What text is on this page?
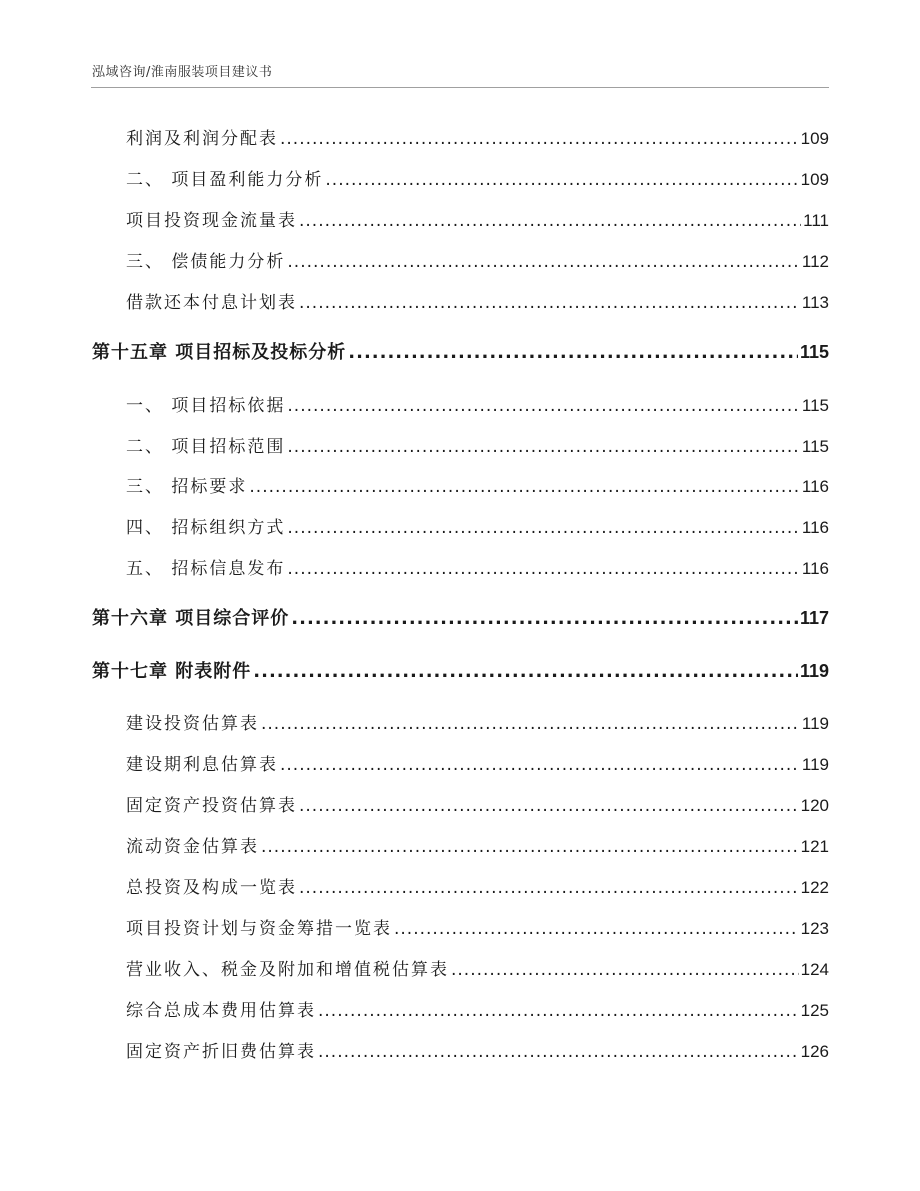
泓域咨询/淮南服装项目建议书
利润及利润分配表 .....	109
二、 项目盈利能力分析 .....	109
项目投资现金流量表 .....	111
三、 偿债能力分析 .....	112
借款还本付息计划表 .....	113
第十五章 项目招标及投标分析 .....	115
一、 项目招标依据 .....	115
二、 项目招标范围 .....	115
三、 招标要求 .....	116
四、 招标组织方式 .....	116
五、 招标信息发布 .....	116
第十六章 项目综合评价 .....	117
第十七章 附表附件 .....	119
建设投资估算表 .....	119
建设期利息估算表 .....	119
固定资产投资估算表 .....	120
流动资金估算表 .....	121
总投资及构成一览表 .....	122
项目投资计划与资金筹措一览表 .....	123
营业收入、税金及附加和增值税估算表 .....	124
综合总成本费用估算表 .....	125
固定资产折旧费估算表 .....	126
